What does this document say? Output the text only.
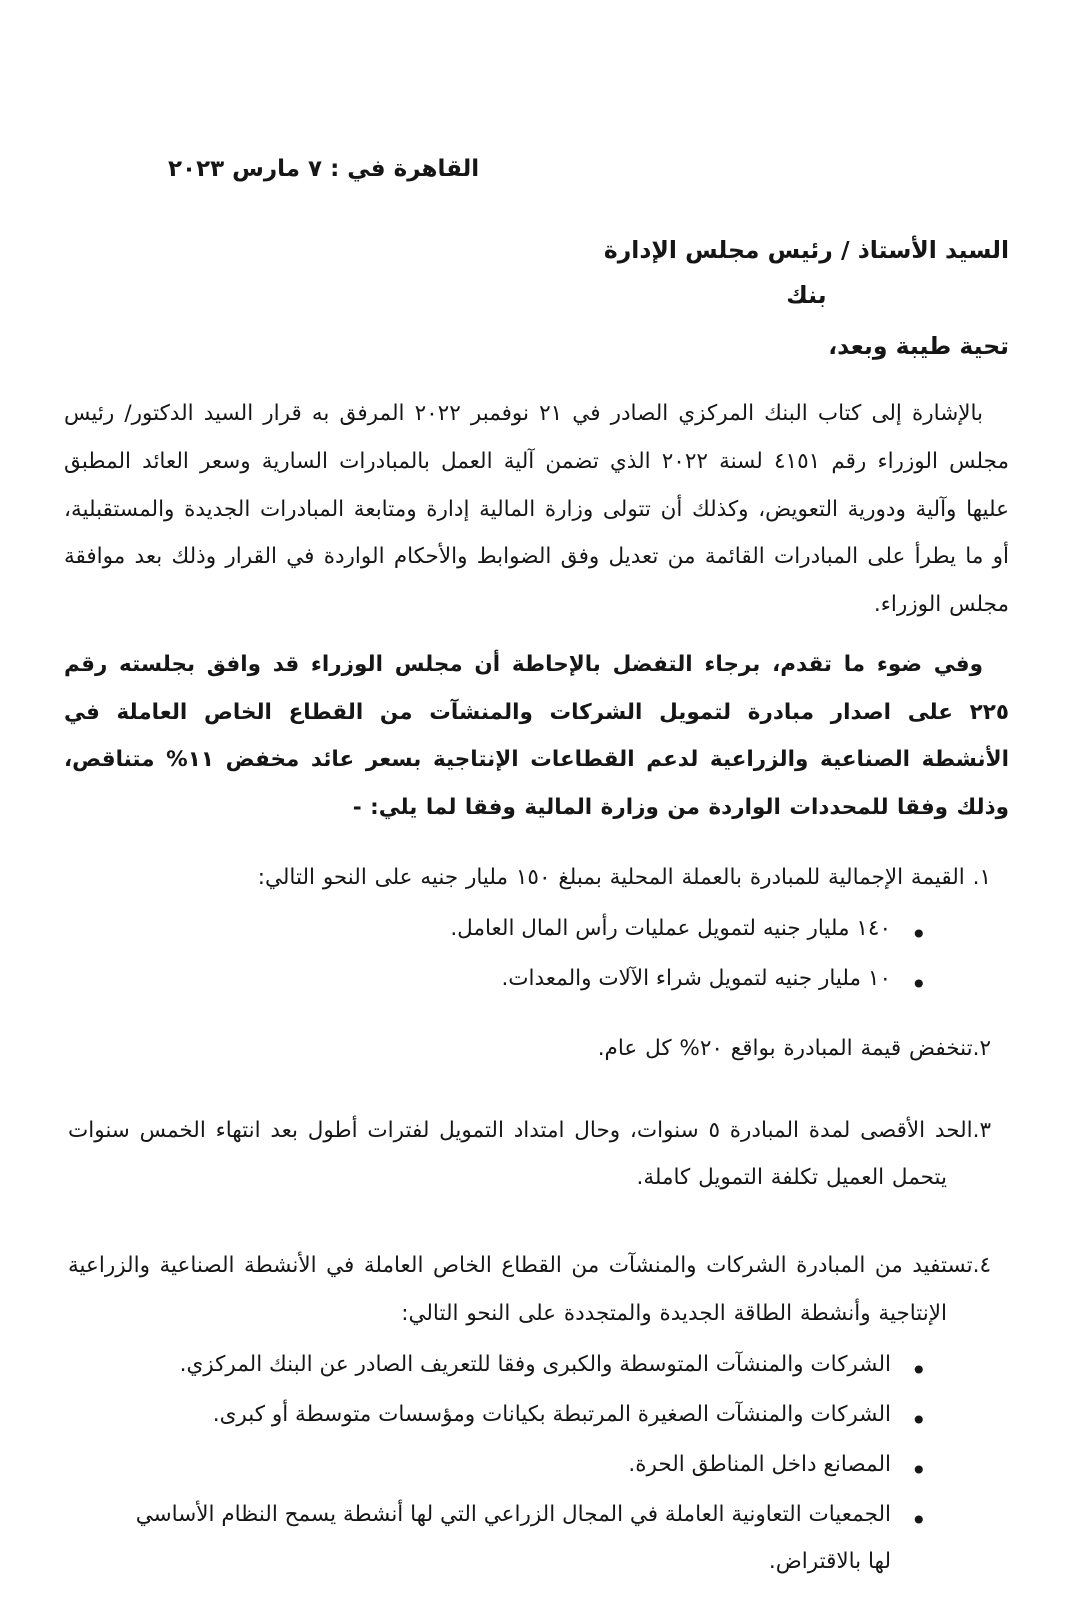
القاهرة في : ٧ مارس ٢٠٢٣
السيد الأستاذ / رئيس مجلس الإدارة
بنك
تحية طيبة وبعد،
بالإشارة إلى كتاب البنك المركزي الصادر في ٢١ نوفمبر ٢٠٢٢ المرفق به قرار السيد الدكتور/ رئيس مجلس الوزراء رقم ٤١٥١ لسنة ٢٠٢٢ الذي تضمن آلية العمل بالمبادرات السارية وسعر العائد المطبق عليها وآلية ودورية التعويض، وكذلك أن تتولى وزارة المالية إدارة ومتابعة المبادرات الجديدة والمستقبلية، أو ما يطرأ على المبادرات القائمة من تعديل وفق الضوابط والأحكام الواردة في القرار وذلك بعد موافقة مجلس الوزراء.
وفي ضوء ما تقدم، برجاء التفضل بالإحاطة أن مجلس الوزراء قد وافق بجلسته رقم ٢٢٥ على اصدار مبادرة لتمويل الشركات والمنشآت من القطاع الخاص العاملة في الأنشطة الصناعية والزراعية لدعم القطاعات الإنتاجية بسعر عائد مخفض ١١% متناقص، وذلك وفقا للمحددات الواردة من وزارة المالية وفقا لما يلي: -
١. القيمة الإجمالية للمبادرة بالعملة المحلية بمبلغ ١٥٠ مليار جنيه على النحو التالي:
• ١٤٠ مليار جنيه لتمويل عمليات رأس المال العامل.
• ١٠ مليار جنيه لتمويل شراء الآلات والمعدات.
٢.تنخفض قيمة المبادرة بواقع ٢٠% كل عام.
٣.الحد الأقصى لمدة المبادرة ٥ سنوات، وحال امتداد التمويل لفترات أطول بعد انتهاء الخمس سنوات يتحمل العميل تكلفة التمويل كاملة.
٤.تستفيد من المبادرة الشركات والمنشآت من القطاع الخاص العاملة في الأنشطة الصناعية والزراعية الإنتاجية وأنشطة الطاقة الجديدة والمتجددة على النحو التالي:
• الشركات والمنشآت المتوسطة والكبرى وفقا للتعريف الصادر عن البنك المركزي.
• الشركات والمنشآت الصغيرة المرتبطة بكيانات ومؤسسات متوسطة أو كبرى.
• المصانع داخل المناطق الحرة.
• الجمعيات التعاونية العاملة في المجال الزراعي التي لها أنشطة يسمح النظام الأساسي لها بالاقتراض.
